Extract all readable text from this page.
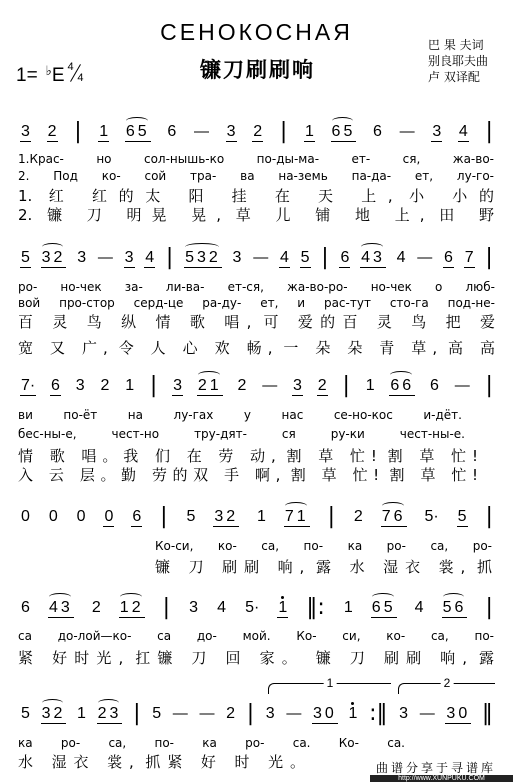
СЕНОКОСНАЯ
1= ♭E 4
4	镰刀刷刷响
巴 果 夫词
别良耶夫曲
卢 双译配
3 2 | 1 65 6 — 3 2 | 1 65 6 — 3 4 |
1.Крас- но сол-нышь-ко по-ды-ма- ет- ся, жа-во-
2. Под ко- сой тра- ва на-земь па-да- ет, лу-го-
1. 红 红的太 阳 挂 在 天 上, 小 小的
2. 镰 刀 明晃 晃, 草 儿 铺 地 上, 田 野
5 32 3 — 3 4 | 532 3 — 4 5 | 6 43 4 — 6 7 |
ро- но-чек за- ли-ва- ет-ся, жа-во-ро- но-чек о люб-
вой про-стор серд-це ра-ду- ет, и рас-тут сто-га под-не-
百 灵 鸟 纵 情 歌 唱, 可 爱的百 灵 鸟 把 爱
宽 又 广, 令 人 心 欢 畅, 一 朵 朵 青 草, 高 高
7· 6 3 2 1 | 3 21 2 — 3 2 | 1 66 6 — |
ви по-ёт на лу-гах у нас се-но-кос и-дёт.
бес-ны-е, чест-но тру-дят- ся ру-ки чест-ны-е.
情 歌 唱。我 们 在 劳 动, 割 草 忙! 割 草 忙!
入 云 层。勤 劳的双 手 啊, 割 草 忙! 割 草 忙!
0 0 0 0 6 | 5 32 1 71 | 2 76 5· 5 |
Ко-си, ко- са, по- ка ро- са, ро-
镰 刀 刷刷 响, 露 水 湿衣 裳, 抓
6 43 2 12 | 3 4 5· 1 ‖: 1 65 4 56 |
са до-лой—ко- са до- мой. Ко- си, ко- са, по-
紧 好时光, 扛镰 刀 回 家。 镰 刀 刷刷 响, 露
1	2
5 32 1 23 | 5 — — 2 | 3 — 30 1 :‖ 3 — 30 ‖
ка ро- са, по- ка ро- са. Ко- са.
水 湿衣 裳, 抓紧 好 时 光。	曲谱分享于寻谱库
http://www.XUNPUKU.COM
